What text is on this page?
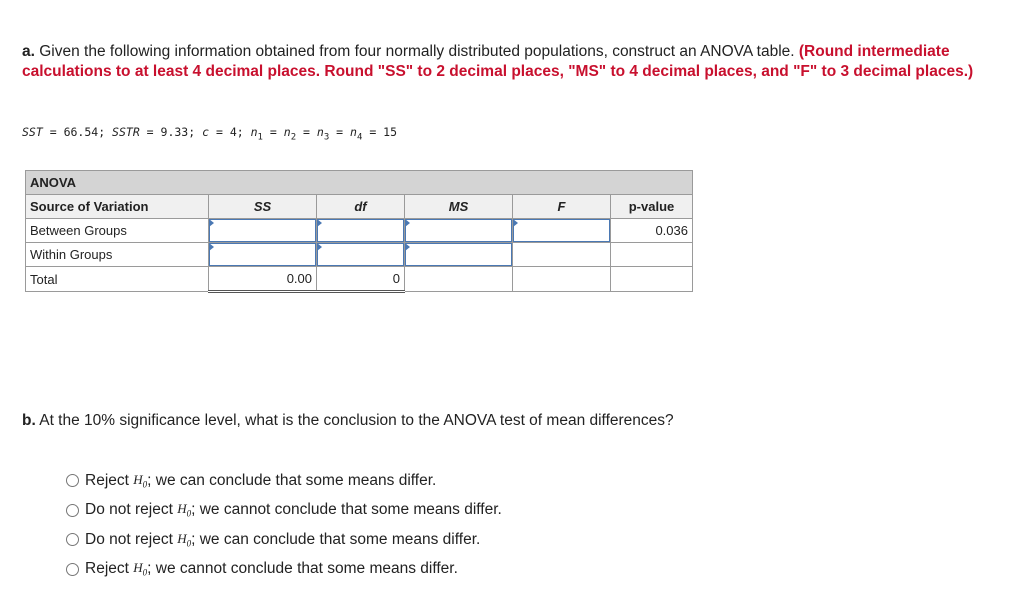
a. Given the following information obtained from four normally distributed populations, construct an ANOVA table. (Round intermediate calculations to at least 4 decimal places. Round "SS" to 2 decimal places, "MS" to 4 decimal places, and "F" to 3 decimal places.)
SST = 66.54; SSTR = 9.33; c = 4; $n_1 = n_2 = n_3 = n_4 = 15$
ANOVA					
Source of Variation	SS	df	MS	F	p-value
Between Groups					0.036
Within Groups	

Total	0.00	0			
b. At the 10% significance level, what is the conclusion to the ANOVA test of mean differences?
Reject
$H_0$ ; we can conclude that some means differ.
Do not reject
$H_0$ ; we cannot conclude that some means differ.
Do not reject
$H_0$ ; we can conclude that some means differ.
Reject
$H_0$ ; we cannot conclude that some means differ.
